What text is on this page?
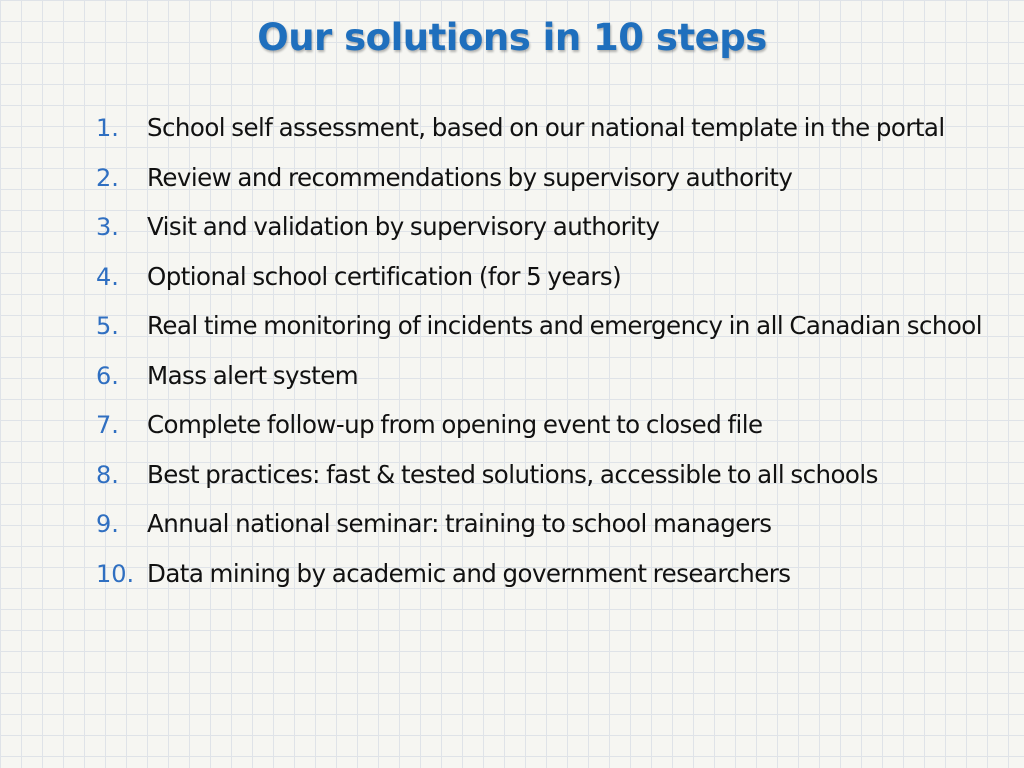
Our solutions in 10 steps
1.	School self assessment, based on our national template in the portal
2.	Review and recommendations by supervisory authority
3.	Visit and validation by supervisory authority
4.	Optional school certification (for 5 years)
5.	Real time monitoring of incidents and emergency in all Canadian school
6.	Mass alert system
7.	Complete follow-up from opening event to closed file
8.	Best practices: fast & tested solutions, accessible to all schools
9.	Annual national seminar: training to school managers
10. Data mining by academic and government researchers
